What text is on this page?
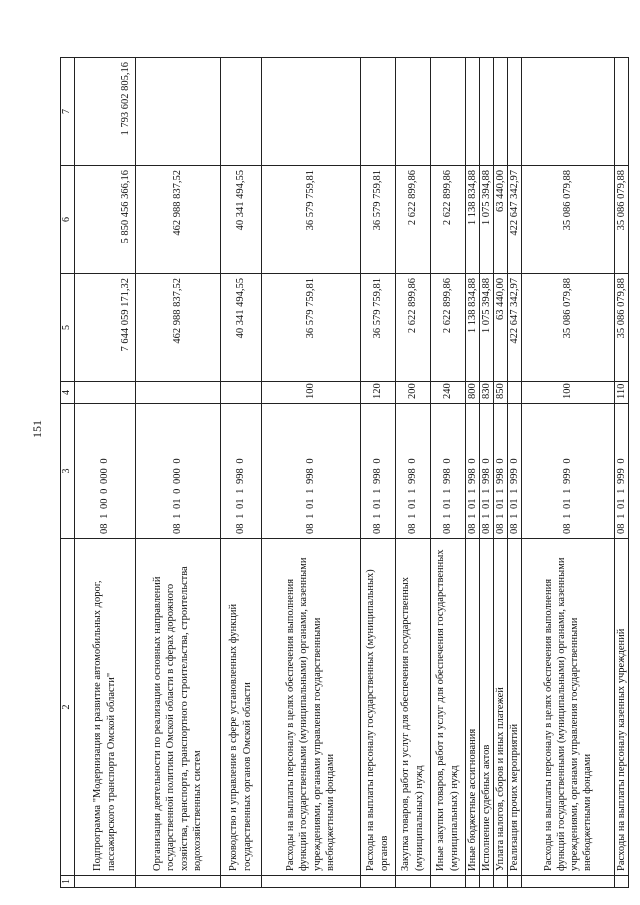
151
1	2	3	4	5	6	7
	Подпрограмма "Модернизация и развитие автомобильных дорог, пассажирского транспорта Омской области"	08 1 00 0 000 0		7 644 059 171,32	5 850 456 366,16	1 793 602 805,16
	Организация деятельности по реализации основных направлений государственной политики Омской области в сферах дорожного хозяйства, транспорта, транспортного строительства, строительства водохозяйственных систем	08 1 01 0 000 0		462 988 837,52	462 988 837,52	
	Руководство и управление в сфере установленных функций государственных органов Омской области	08 1 01 1 998 0		40 341 494,55	40 341 494,55	
	Расходы на выплаты персоналу в целях обеспечения выполнения функций государственными (муниципальными) органами, казенными учреждениями, органами управления государственными внебюджетными фондами	08 1 01 1 998 0	100	36 579 759,81	36 579 759,81	
	Расходы на выплаты персоналу государственных (муниципальных) органов	08 1 01 1 998 0	120	36 579 759,81	36 579 759,81	
	Закупка товаров, работ и услуг для обеспечения государственных (муниципальных) нужд	08 1 01 1 998 0	200	2 622 899,86	2 622 899,86	
	Иные закупки товаров, работ и услуг для обеспечения государственных (муниципальных) нужд	08 1 01 1 998 0	240	2 622 899,86	2 622 899,86	
	Иные бюджетные ассигнования	08 1 01 1 998 0	800	1 138 834,88	1 138 834,88	
	Исполнение судебных актов	08 1 01 1 998 0	830	1 075 394,88	1 075 394,88	
	Уплата налогов, сборов и иных платежей	08 1 01 1 998 0	850	63 440,00	63 440,00	
	Реализация прочих мероприятий	08 1 01 1 999 0		422 647 342,97	422 647 342,97	
	Расходы на выплаты персоналу в целях обеспечения выполнения функций государственными (муниципальными) органами, казенными учреждениями, органами управления государственными внебюджетными фондами	08 1 01 1 999 0	100	35 086 079,88	35 086 079,88	
	Расходы на выплаты персоналу казенных учреждений	08 1 01 1 999 0	110	35 086 079,88	35 086 079,88	
